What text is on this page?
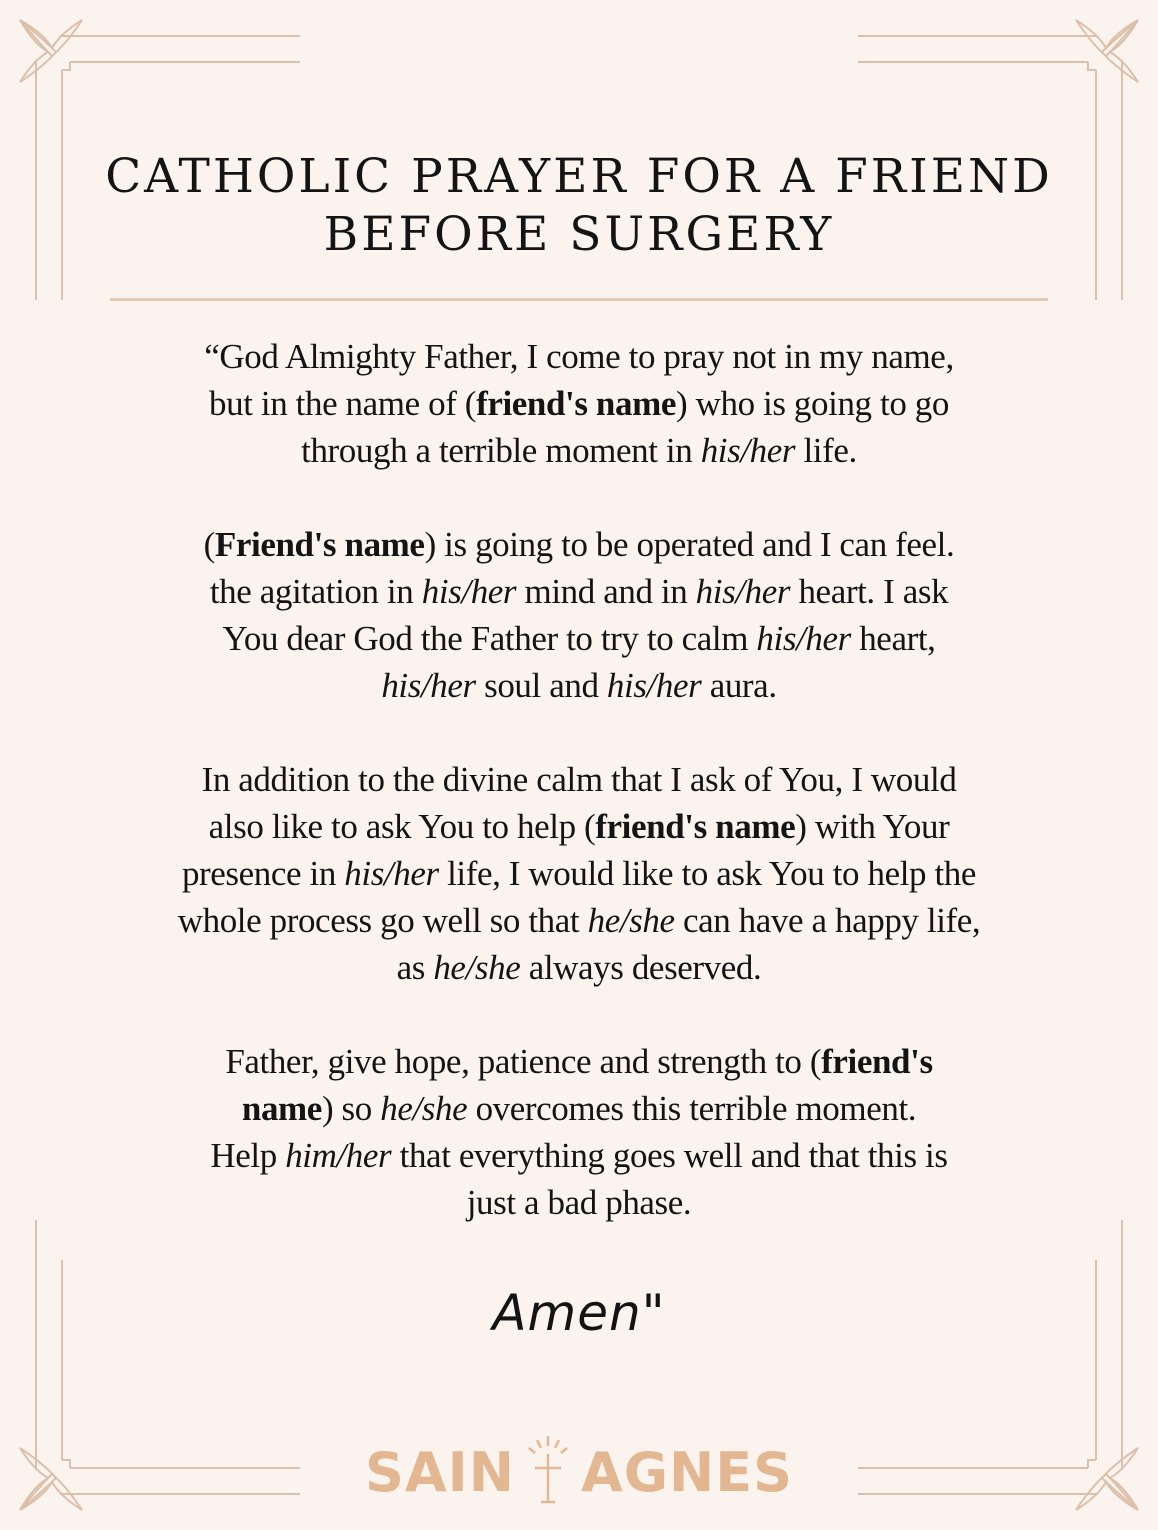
CATHOLIC PRAYER FOR A FRIEND
BEFORE SURGERY

“God Almighty Father, I come to pray not in my name,
but in the name of (friend's name) who is going to go
through a terrible moment in his/her life.

(Friend's name) is going to be operated and I can feel.
the agitation in his/her mind and in his/her heart. I ask
You dear God the Father to try to calm his/her heart,
his/her soul and his/her aura.

In addition to the divine calm that I ask of You, I would
also like to ask You to help (friend's name) with Your
presence in his/her life, I would like to ask You to help the
whole process go well so that he/she can have a happy life,
as he/she always deserved.

Father, give hope, patience and strength to (friend's
name) so he/she overcomes this terrible moment.
Help him/her that everything goes well and that this is
just a bad phase.

Amen"
SAIN AGNES
